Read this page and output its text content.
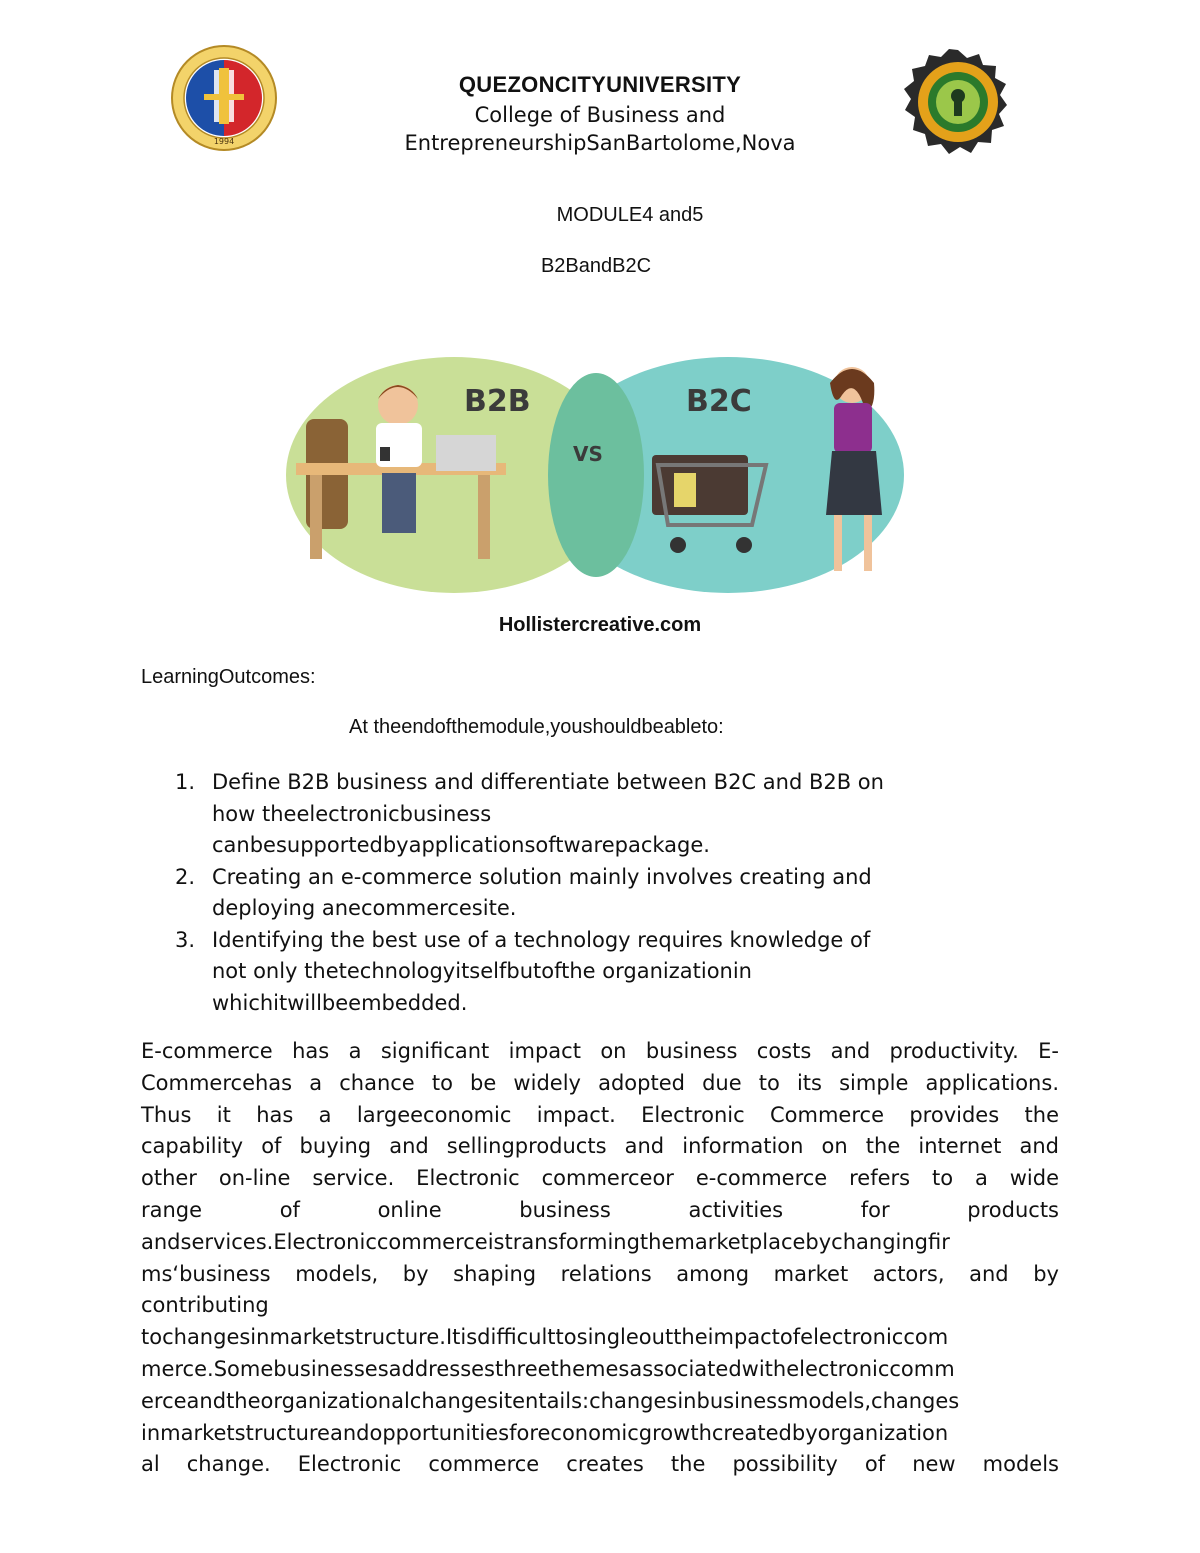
1994
QUEZONCITYUNIVERSITY
College of Business and
EntrepreneurshipSanBartolome,Nova
MODULE4 and5
B2BandB2C
B2B	B2C
VS
Hollistercreative.com
LearningOutcomes:
At theendofthemodule,youshouldbeableto:
1. Define B2B business and differentiate between B2C and B2B on
how theelectronicbusiness
canbesupportedbyapplicationsoftwarepackage.
2. Creating an e-commerce solution mainly involves creating and
deploying anecommercesite.
3. Identifying the best use of a technology requires knowledge of
not only thetechnologyitselfbutofthe organizationin
whichitwillbeembedded.
E-commerce has a significant impact on business costs and productivity. E-
Commercehas a chance to be widely adopted due to its simple applications.
Thus it has a largeeconomic impact. Electronic Commerce provides the
capability of buying and sellingproducts and information on the internet and
other on-line service. Electronic commerceor e-commerce refers to a wide
range of online business activities for products
andservices.Electroniccommerceistransformingthemarketplacebychangingfir
ms‘business models, by shaping relations among market actors, and by
contributing
tochangesinmarketstructure.Itisdifficulttosingleouttheimpactofelectroniccom
merce.Somebusinessesaddressesthreethemesassociatedwithelectroniccomm
erceandtheorganizationalchangesitentails:changesinbusinessmodels,changes
inmarketstructureandopportunitiesforeconomicgrowthcreatedbyorganization
al change. Electronic commerce creates the possibility of new models
